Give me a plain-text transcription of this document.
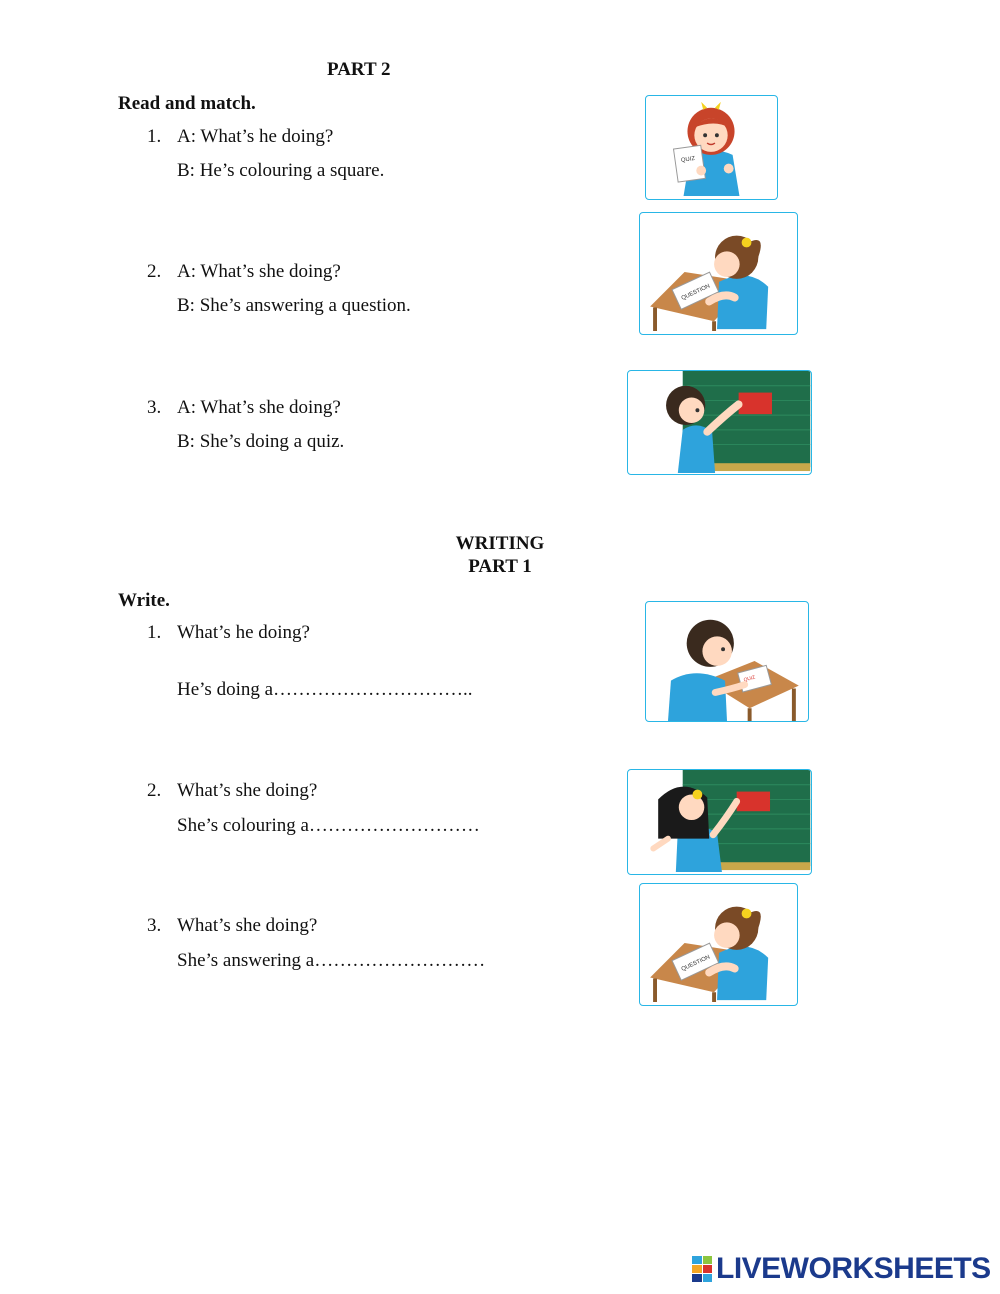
PART 2
Read and match.
1. A: What’s he doing?
B: He’s colouring a square.
2. A: What’s she doing?
B: She’s answering a question.
3. A: What’s she doing?
B: She’s doing a quiz.
QUIZ
QUESTION
WRITING
PART 1
Write.
1. What’s he doing?
He’s doing a…………………………..
2. What’s she doing?
She’s colouring a………………………
3. What’s she doing?
She’s answering a………………………
QUIZ
QUESTION
LIVEWORKSHEETS
